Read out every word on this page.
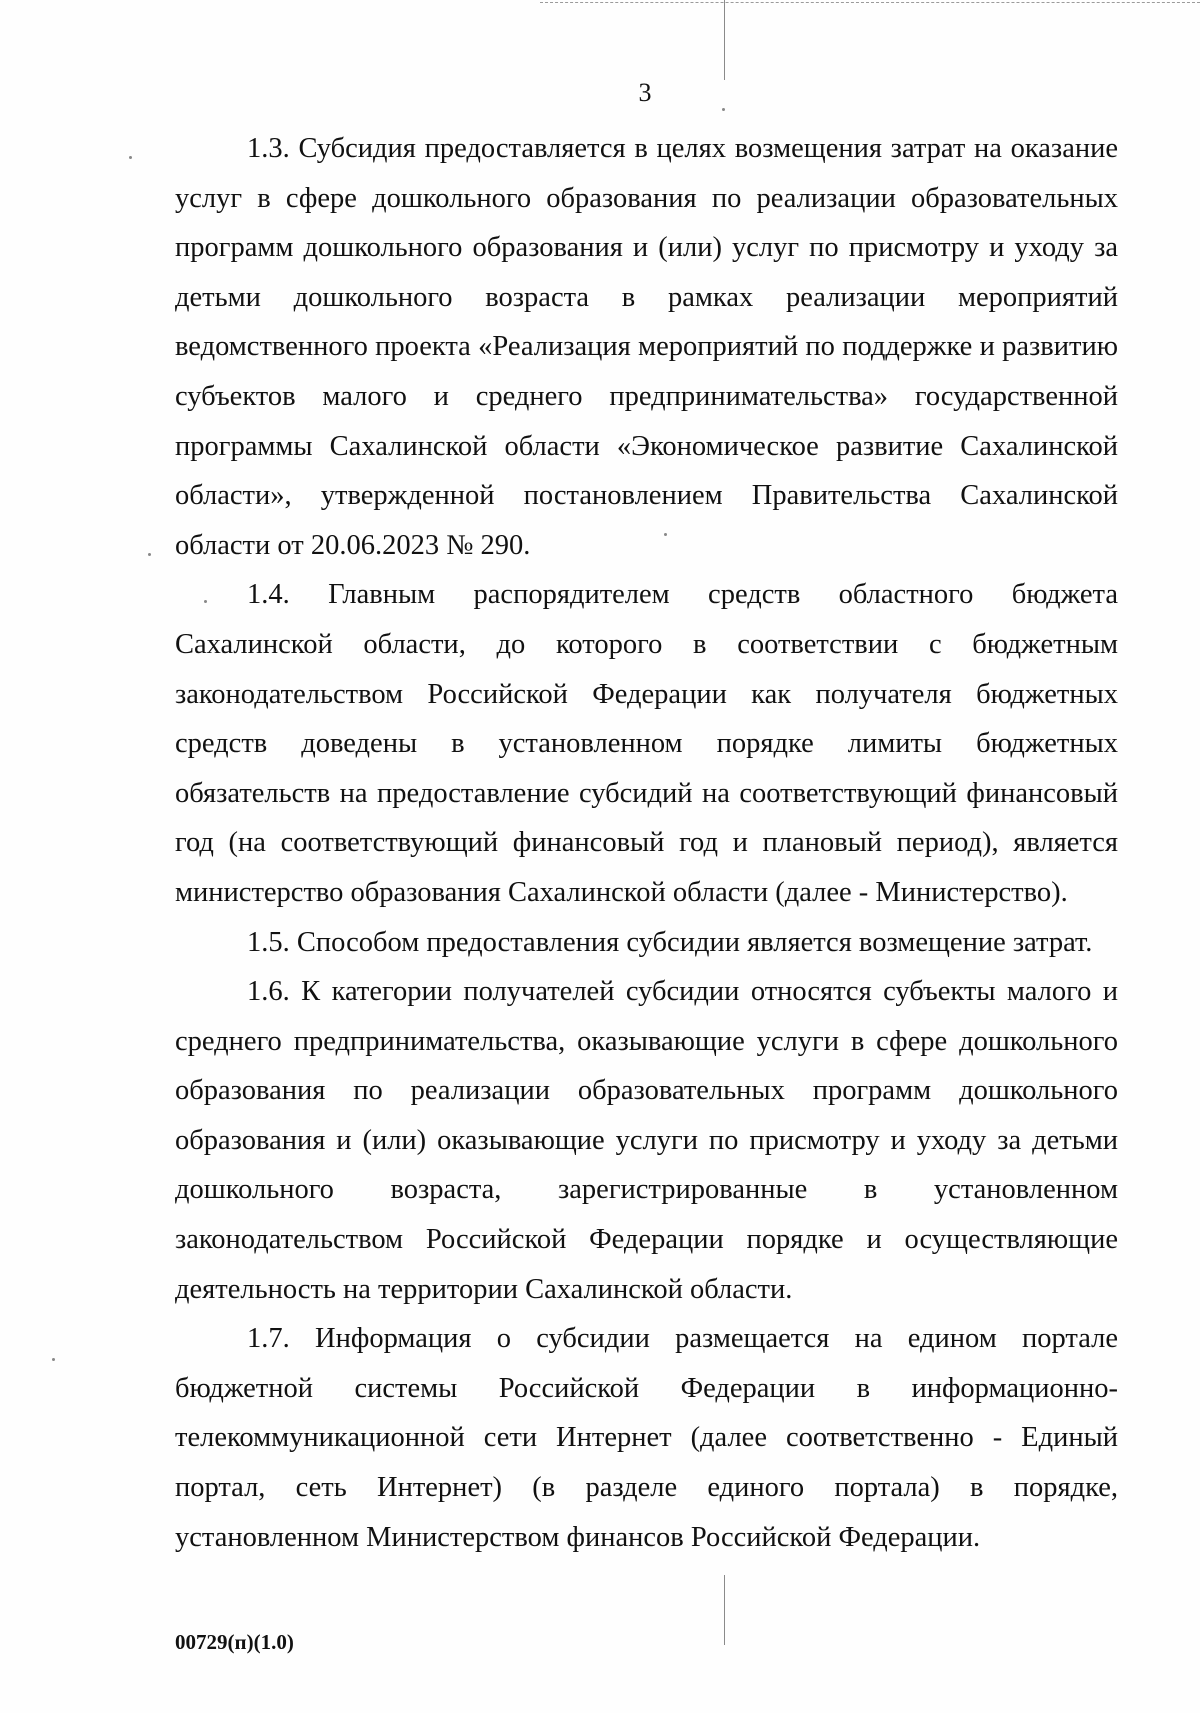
3

1.3. Субсидия предоставляется в целях возмещения затрат на оказание услуг в сфере дошкольного образования по реализации образовательных программ дошкольного образования и (или) услуг по присмотру и уходу за детьми дошкольного возраста в рамках реализации мероприятий ведомственного проекта «Реализация мероприятий по поддержке и развитию субъектов малого и среднего предпринимательства» государственной программы Сахалинской области «Экономическое развитие Сахалинской области», утвержденной постановлением Правительства Сахалинской области от 20.06.2023 № 290.

1.4. Главным распорядителем средств областного бюджета Сахалинской области, до которого в соответствии с бюджетным законодательством Российской Федерации как получателя бюджетных средств доведены в установленном порядке лимиты бюджетных обязательств на предоставление субсидий на соответствующий финансовый год (на соответствующий финансовый год и плановый период), является министерство образования Сахалинской области (далее - Министерство).

1.5. Способом предоставления субсидии является возмещение затрат.

1.6. К категории получателей субсидии относятся субъекты малого и среднего предпринимательства, оказывающие услуги в сфере дошкольного образования по реализации образовательных программ дошкольного образования и (или) оказывающие услуги по присмотру и уходу за детьми дошкольного возраста, зарегистрированные в установленном законодательством Российской Федерации порядке и осуществляющие деятельность на территории Сахалинской области.

1.7. Информация о субсидии размещается на едином портале бюджетной системы Российской Федерации в информационно-телекоммуникационной сети Интернет (далее соответственно - Единый портал, сеть Интернет) (в разделе единого портала) в порядке, установленном Министерством финансов Российской Федерации.

00729(п)(1.0)
